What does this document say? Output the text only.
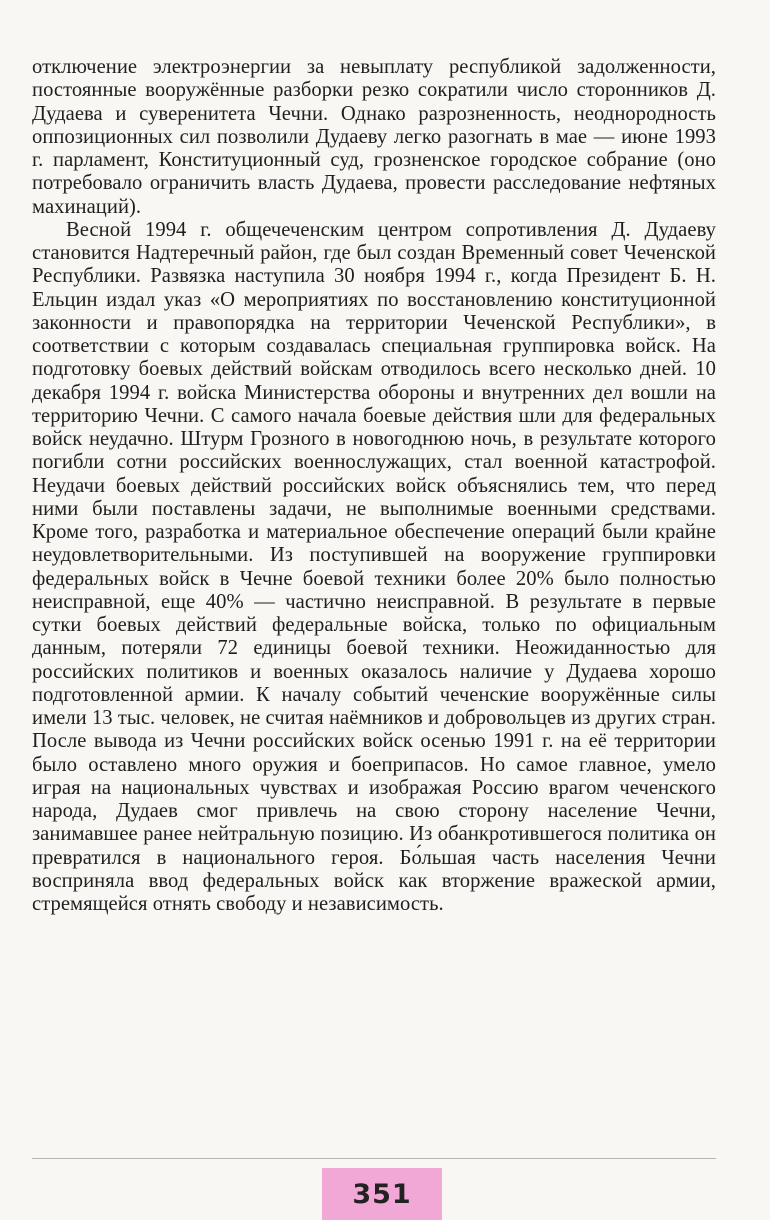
отключение электроэнергии за невыплату республикой задолженности, постоянные вооружённые разборки резко сократили число сторонников Д. Дудаева и суверенитета Чечни. Однако разрозненность, неоднородность оппозиционных сил позволили Дудаеву легко разогнать в мае — июне 1993 г. парламент, Конституционный суд, грозненское городское собрание (оно потребовало ограничить власть Дудаева, провести расследование нефтяных махинаций).

Весной 1994 г. общечеченским центром сопротивления Д. Дудаеву становится Надтеречный район, где был создан Временный совет Чеченской Республики. Развязка наступила 30 ноября 1994 г., когда Президент Б. Н. Ельцин издал указ «О мероприятиях по восстановлению конституционной законности и правопорядка на территории Чеченской Республики», в соответствии с которым создавалась специальная группировка войск. На подготовку боевых действий войскам отводилось всего несколько дней. 10 декабря 1994 г. войска Министерства обороны и внутренних дел вошли на территорию Чечни. С самого начала боевые действия шли для федеральных войск неудачно. Штурм Грозного в новогоднюю ночь, в результате которого погибли сотни российских военнослужащих, стал военной катастрофой. Неудачи боевых действий российских войск объяснялись тем, что перед ними были поставлены задачи, не выполнимые военными средствами. Кроме того, разработка и материальное обеспечение операций были крайне неудовлетворительными. Из поступившей на вооружение группировки федеральных войск в Чечне боевой техники более 20% было полностью неисправной, еще 40% — частично неисправной. В результате в первые сутки боевых действий федеральные войска, только по официальным данным, потеряли 72 единицы боевой техники. Неожиданностью для российских политиков и военных оказалось наличие у Дудаева хорошо подготовленной армии. К началу событий чеченские вооружённые силы имели 13 тыс. человек, не считая наёмников и добровольцев из других стран. После вывода из Чечни российских войск осенью 1991 г. на её территории было оставлено много оружия и боеприпасов. Но самое главное, умело играя на национальных чувствах и изображая Россию врагом чеченского народа, Дудаев смог привлечь на свою сторону население Чечни, занимавшее ранее нейтральную позицию. Из обанкротившегося политика он превратился в национального героя. Бо́льшая часть населения Чечни восприняла ввод федеральных войск как вторжение вражеской армии, стремящейся отнять свободу и независимость.

351
